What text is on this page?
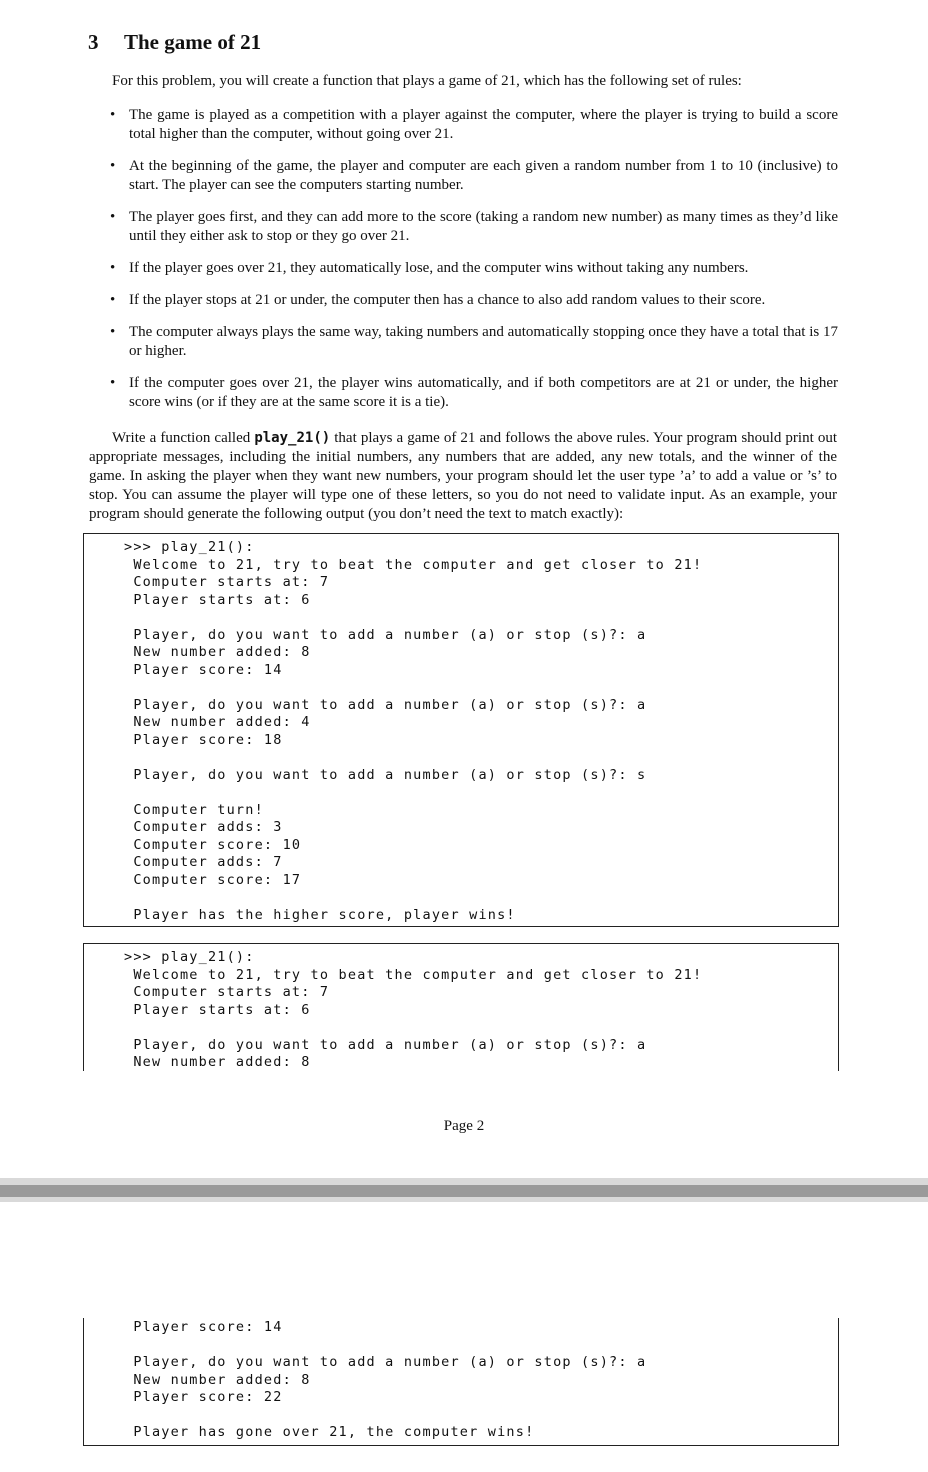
3 The game of 21

For this problem, you will create a function that plays a game of 21, which has the following set of rules:

• The game is played as a competition with a player against the computer, where the player is trying to build a score total higher than the computer, without going over 21.
• At the beginning of the game, the player and computer are each given a random number from 1 to 10 (inclusive) to start. The player can see the computers starting number.
• The player goes first, and they can add more to the score (taking a random new number) as many times as they’d like until they either ask to stop or they go over 21.
• If the player goes over 21, they automatically lose, and the computer wins without taking any numbers.
• If the player stops at 21 or under, the computer then has a chance to also add random values to their score.
• The computer always plays the same way, taking numbers and automatically stopping once they have a total that is 17 or higher.
• If the computer goes over 21, the player wins automatically, and if both competitors are at 21 or under, the higher score wins (or if they are at the same score it is a tie).

Write a function called play_21() that plays a game of 21 and follows the above rules. Your program should print out appropriate messages, including the initial numbers, any numbers that are added, any new totals, and the winner of the game. In asking the player when they want new numbers, your program should let the user type ’a’ to add a value or ’s’ to stop. You can assume the player will type one of these letters, so you do not need to validate input. As an example, your program should generate the following output (you don’t need the text to match exactly):

>>> play_21():
Welcome to 21, try to beat the computer and get closer to 21!
Computer starts at: 7
Player starts at: 6
Player, do you want to add a number (a) or stop (s)?: a
New number added: 8
Player score: 14
Player, do you want to add a number (a) or stop (s)?: a
New number added: 4
Player score: 18
Player, do you want to add a number (a) or stop (s)?: s
Computer turn!
Computer adds: 3
Computer score: 10
Computer adds: 7
Computer score: 17
Player has the higher score, player wins!
>>> play_21():
Welcome to 21, try to beat the computer and get closer to 21!
Computer starts at: 7
Player starts at: 6
Player, do you want to add a number (a) or stop (s)?: a
New number added: 8
Page 2
Player score: 14
Player, do you want to add a number (a) or stop (s)?: a
New number added: 8
Player score: 22
Player has gone over 21, the computer wins!
